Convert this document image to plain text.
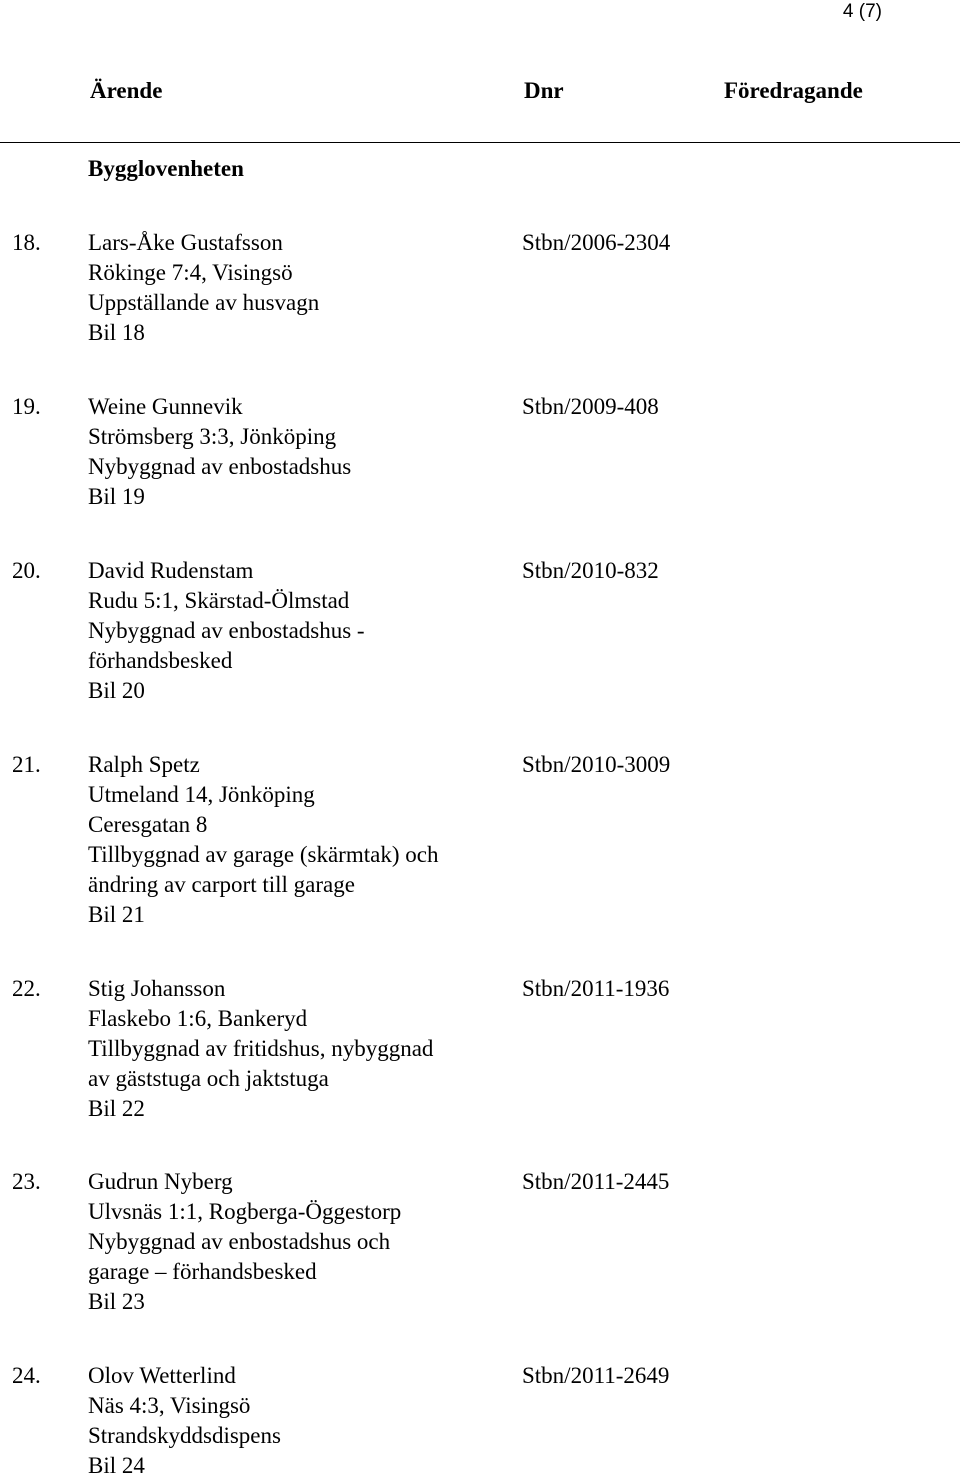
4 (7)
Ärende	Dnr	Föredragande
Bygglovenheten
18. Lars-Åke Gustafsson
Rökinge 7:4, Visingsö
Uppställande av husvagn
Bil 18
Stbn/2006-2304
19. Weine Gunnevik
Strömsberg 3:3, Jönköping
Nybyggnad av enbostadshus
Bil 19
Stbn/2009-408
20. David Rudenstam
Rudu 5:1, Skärstad-Ölmstad
Nybyggnad av enbostadshus -
förhandsbesked
Bil 20
Stbn/2010-832
21. Ralph Spetz
Utmeland 14, Jönköping
Ceresgatan 8
Tillbyggnad av garage (skärmtak) och
ändring av carport till garage
Bil 21
Stbn/2010-3009
22. Stig Johansson
Flaskebo 1:6, Bankeryd
Tillbyggnad av fritidshus, nybyggnad
av gäststuga och jaktstuga
Bil 22
Stbn/2011-1936
23. Gudrun Nyberg
Ulvsnäs 1:1, Rogberga-Öggestorp
Nybyggnad av enbostadshus och
garage – förhandsbesked
Bil 23
Stbn/2011-2445
24. Olov Wetterlind
Näs 4:3, Visingsö
Strandskyddsdispens
Bil 24
Stbn/2011-2649
